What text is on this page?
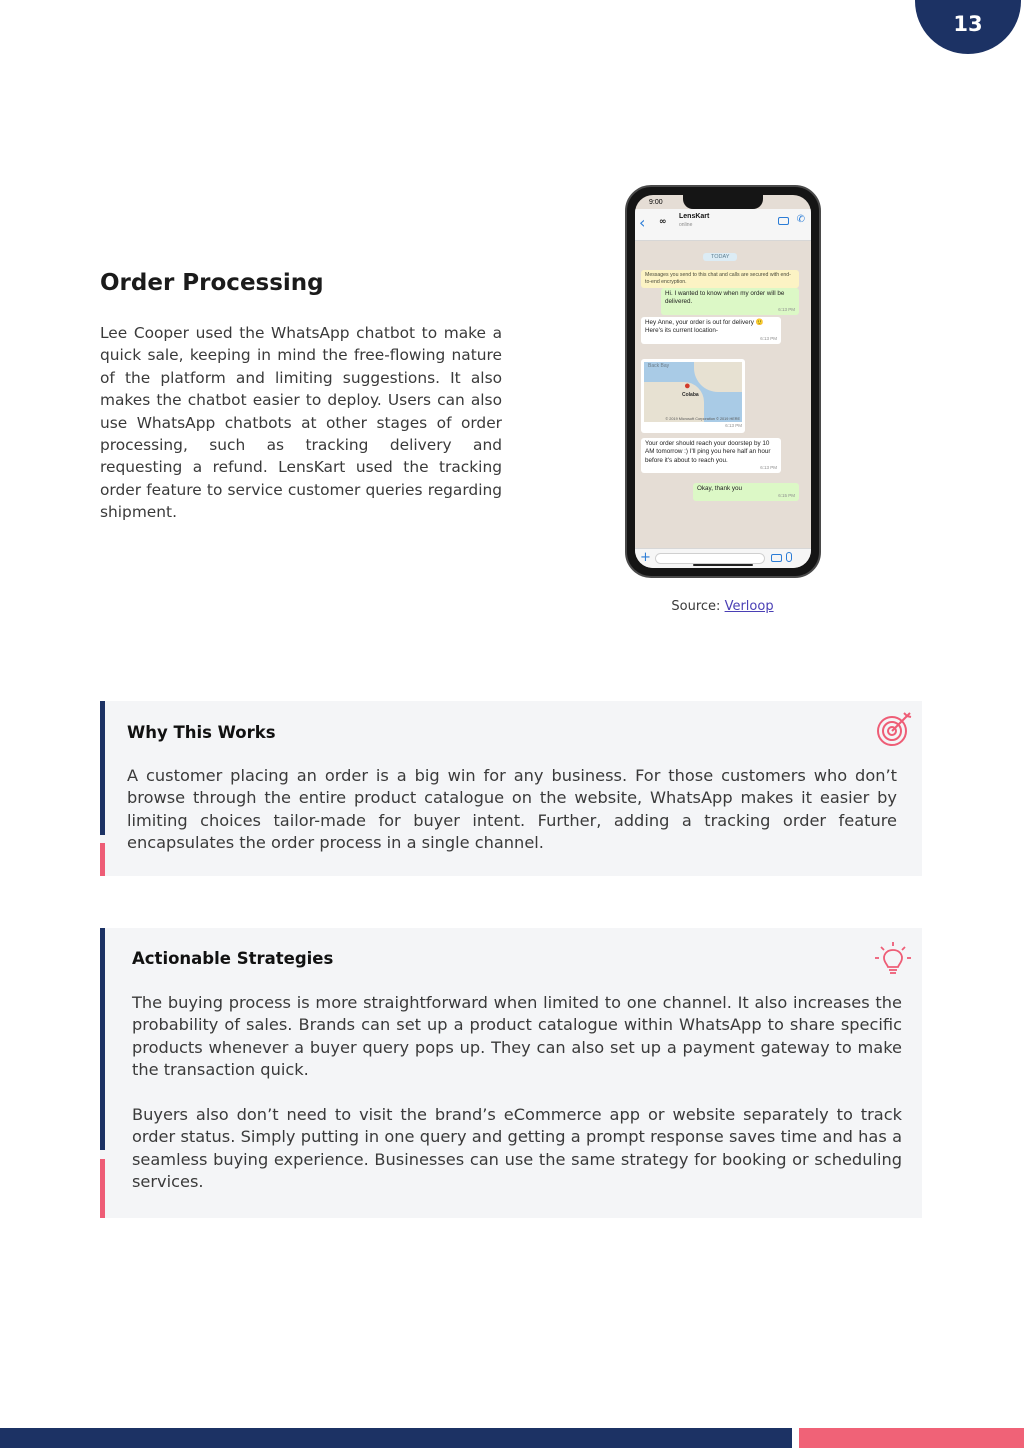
13
Order Processing

Lee Cooper used the WhatsApp chatbot to make a quick sale, keeping in mind the free-flowing nature of the platform and limiting suggestions. It also makes the chatbot easier to deploy. Users can also use WhatsApp chatbots at other stages of order processing, such as tracking delivery and requesting a refund. LensKart used the tracking order feature to service customer queries regarding shipment.

9:00
‹ ∞
LensKart
online	✆
TODAY
Messages you send to this chat and calls are secured with end-to-end encryption.
Hi. I wanted to know when my order will be delivered.
6:13 PM
Hey Anne, your order is out for delivery 🙂 Here's its current location-
6:13 PM
Back Bay
●
Colaba
© 2019 Microsoft Corporation © 2019 HERE
6:13 PM
Your order should reach your doorstep by 10 AM tomorrow :) I'll ping you here half an hour before it's about to reach you.
6:13 PM
Okay, thank you
6:15 PM
+

Source: Verloop

Why This Works

A customer placing an order is a big win for any business. For those customers who don’t browse through the entire product catalogue on the website, WhatsApp makes it easier by limiting choices tailor-made for buyer intent. Further, adding a tracking order feature encapsulates the order process in a single channel.

Actionable Strategies

The buying process is more straightforward when limited to one channel. It also increases the probability of sales. Brands can set up a product catalogue within WhatsApp to share specific products whenever a buyer query pops up. They can also set up a payment gateway to make the transaction quick.

Buyers also don’t need to visit the brand’s eCommerce app or website separately to track order status. Simply putting in one query and getting a prompt response saves time and has a seamless buying experience. Businesses can use the same strategy for booking or scheduling services.
